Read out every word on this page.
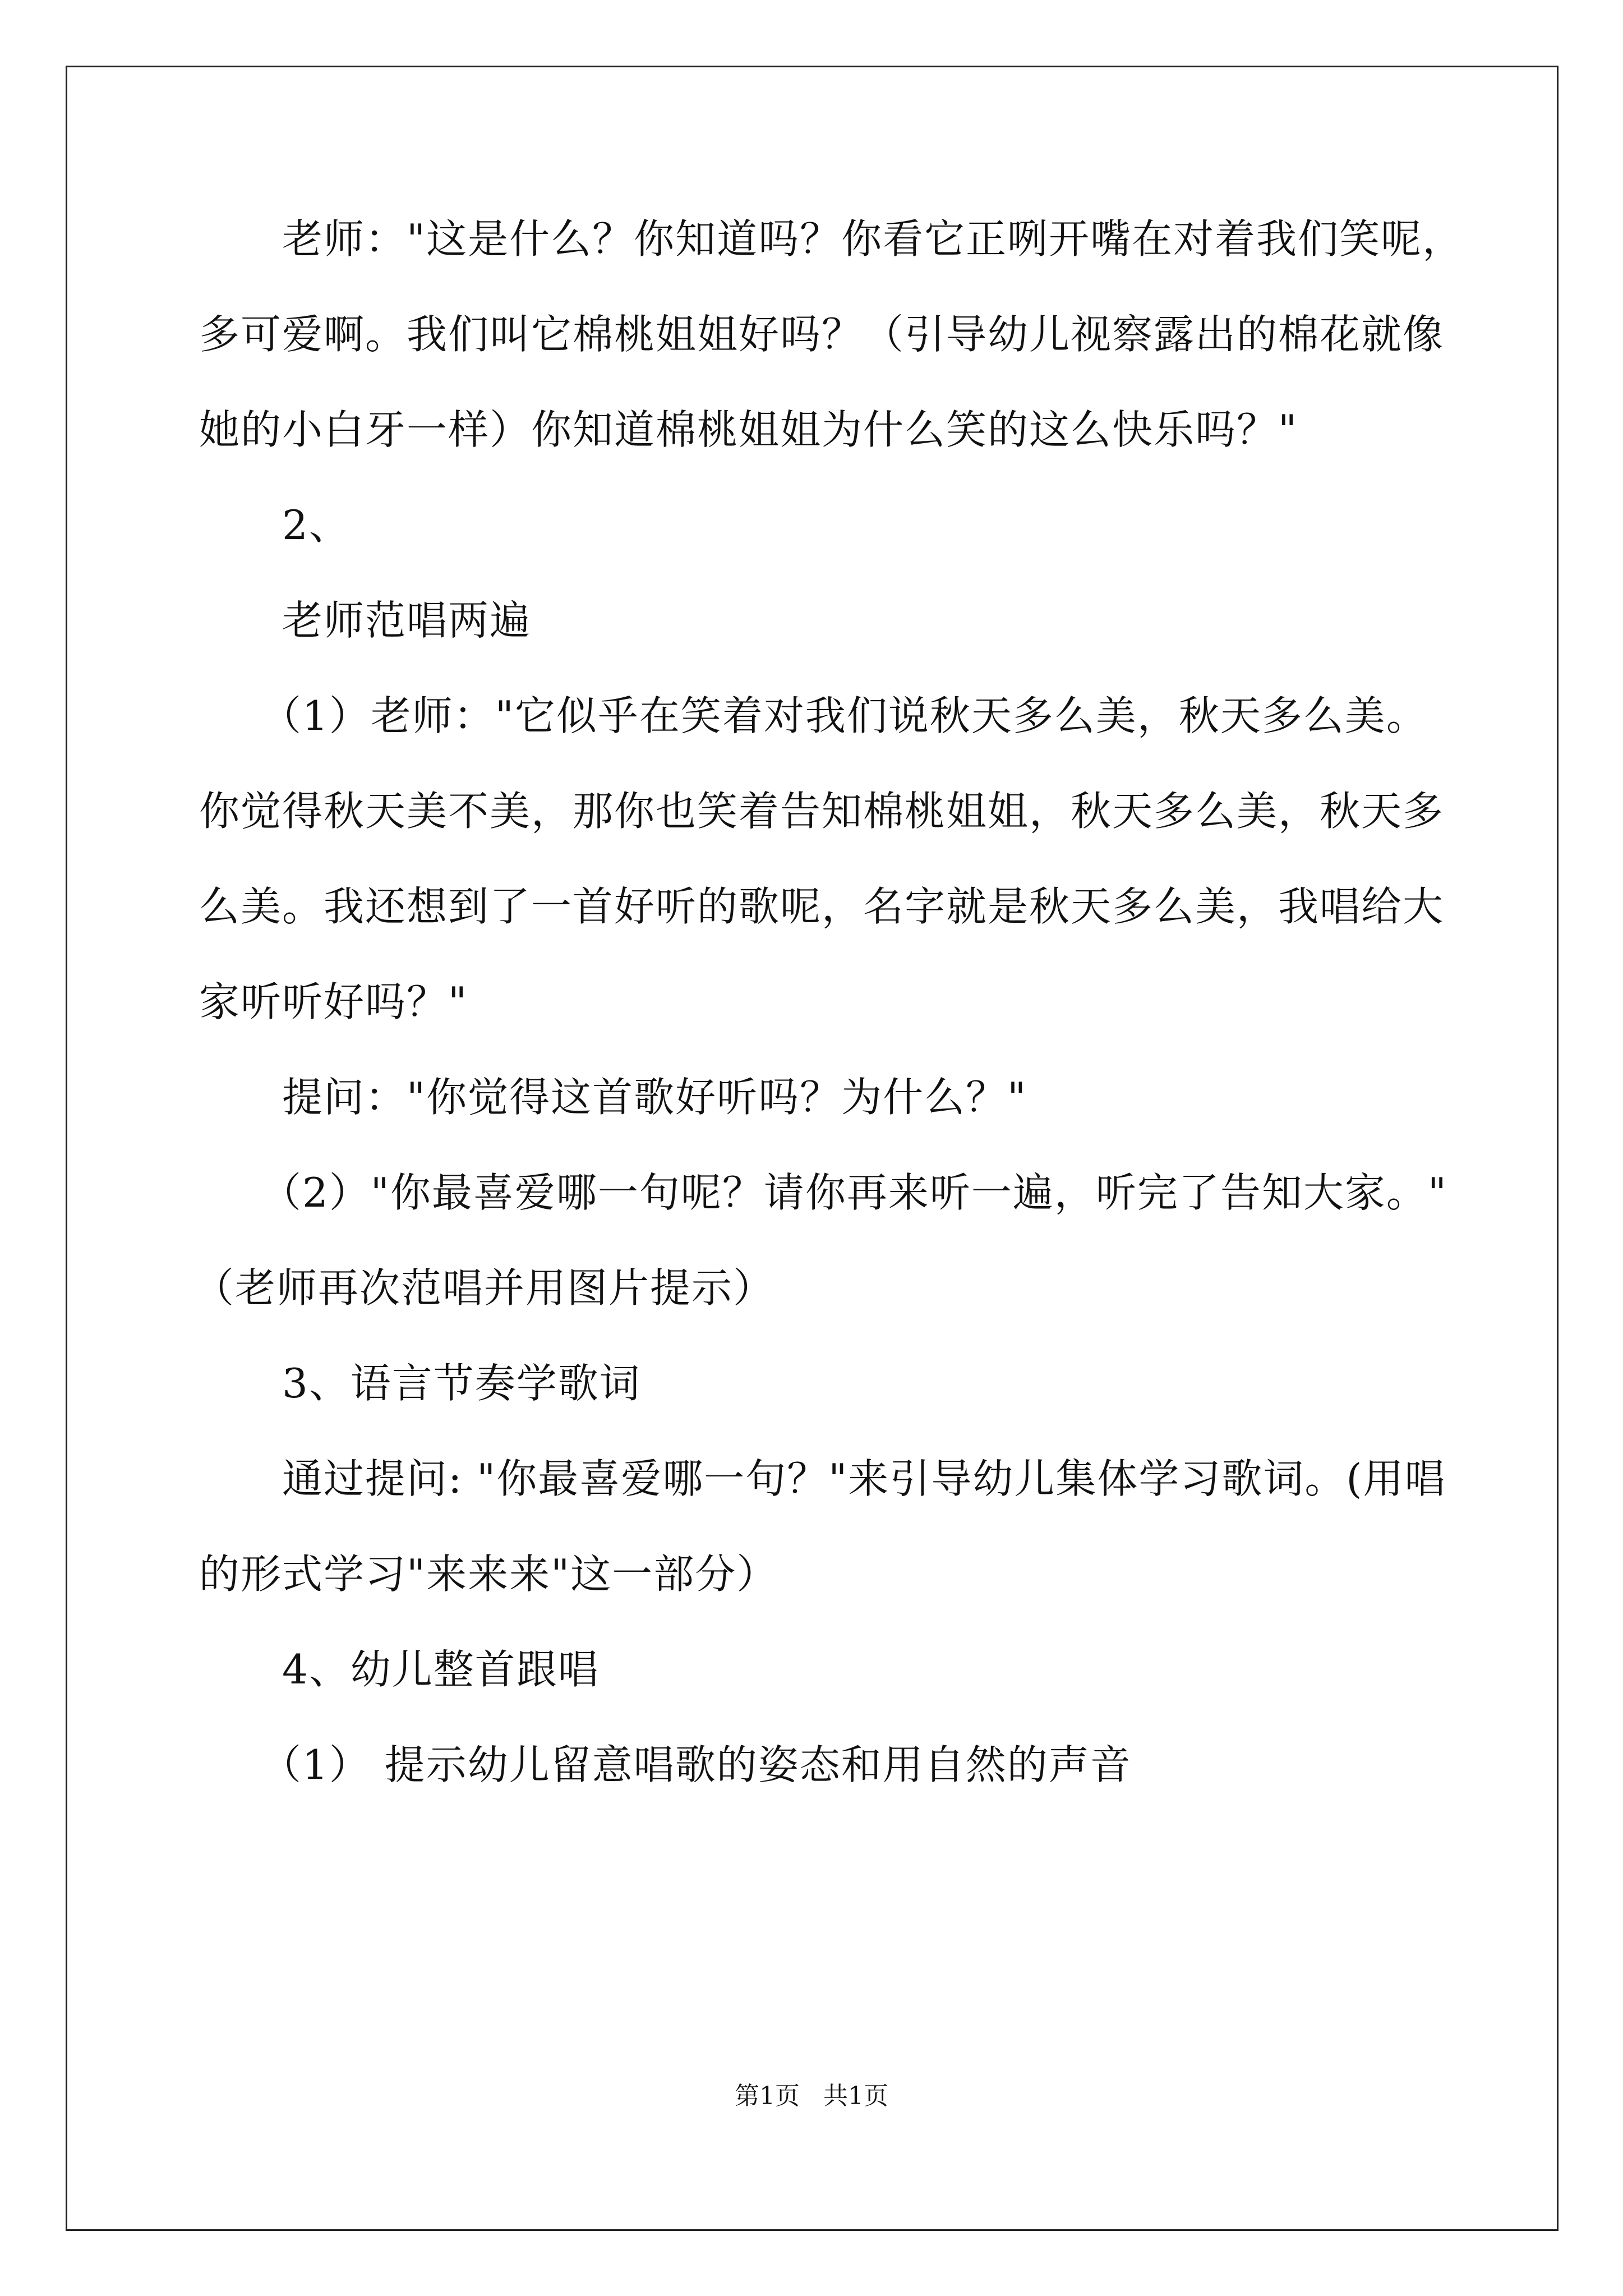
老师："这是什么？你知道吗？你看它正咧开嘴在对着我们笑呢，
多可爱啊。我们叫它棉桃姐姐好吗？（引导幼儿视察露出的棉花就像
她的小白牙一样）你知道棉桃姐姐为什么笑的这么快乐吗？"
2、
老师范唱两遍
（1）老师："它似乎在笑着对我们说秋天多么美，秋天多么美。
你觉得秋天美不美，那你也笑着告知棉桃姐姐，秋天多么美，秋天多
么美。我还想到了一首好听的歌呢，名字就是秋天多么美，我唱给大
家听听好吗？"
提问："你觉得这首歌好听吗？为什么？"
（2）"你最喜爱哪一句呢？请你再来听一遍，听完了告知大家。"
（老师再次范唱并用图片提示）
3、语言节奏学歌词
通过提问: "你最喜爱哪一句？"来引导幼儿集体学习歌词。(用唱
的形式学习"来来来"这一部分）
4、幼儿整首跟唱
（1） 提示幼儿留意唱歌的姿态和用自然的声音
第1页   共1页
